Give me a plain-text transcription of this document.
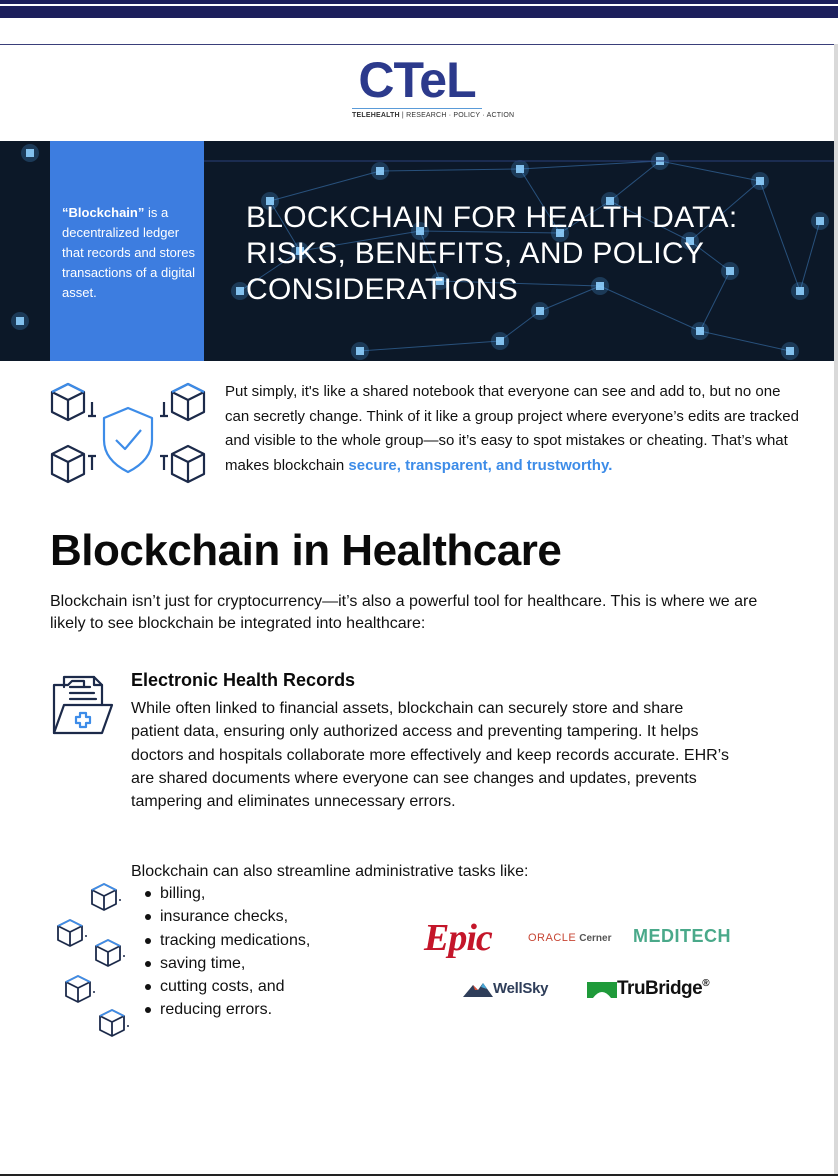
CTeL
TELEHEALTH | RESEARCH · POLICY · ACTION
“Blockchain” is a decentralized ledger that records and stores transactions of a digital asset.
BLOCKCHAIN FOR HEALTH DATA: RISKS, BENEFITS, AND POLICY CONSIDERATIONS
Put simply, it's like a shared notebook that everyone can see and add to, but no one can secretly change. Think of it like a group project where everyone’s edits are tracked and visible to the whole group—so it’s easy to spot mistakes or cheating. That’s what makes blockchain secure, transparent, and trustworthy.
Blockchain in Healthcare
Blockchain isn’t just for cryptocurrency—it’s also a powerful tool for healthcare. This is where we are likely to see blockchain be integrated into healthcare:
Electronic Health Records
While often linked to financial assets, blockchain can securely store and share patient data, ensuring only authorized access and preventing tampering. It helps doctors and hospitals collaborate more effectively and keep records accurate. EHR’s are shared documents where everyone can see changes and updates, prevents tampering and eliminates unnecessary errors.
Blockchain can also streamline administrative tasks like:
billing,
insurance checks,
tracking medications,
saving time,
cutting costs, and
reducing errors.
Epic	ORACLE Cerner MEDITECH
WellSky	TruBridge®
